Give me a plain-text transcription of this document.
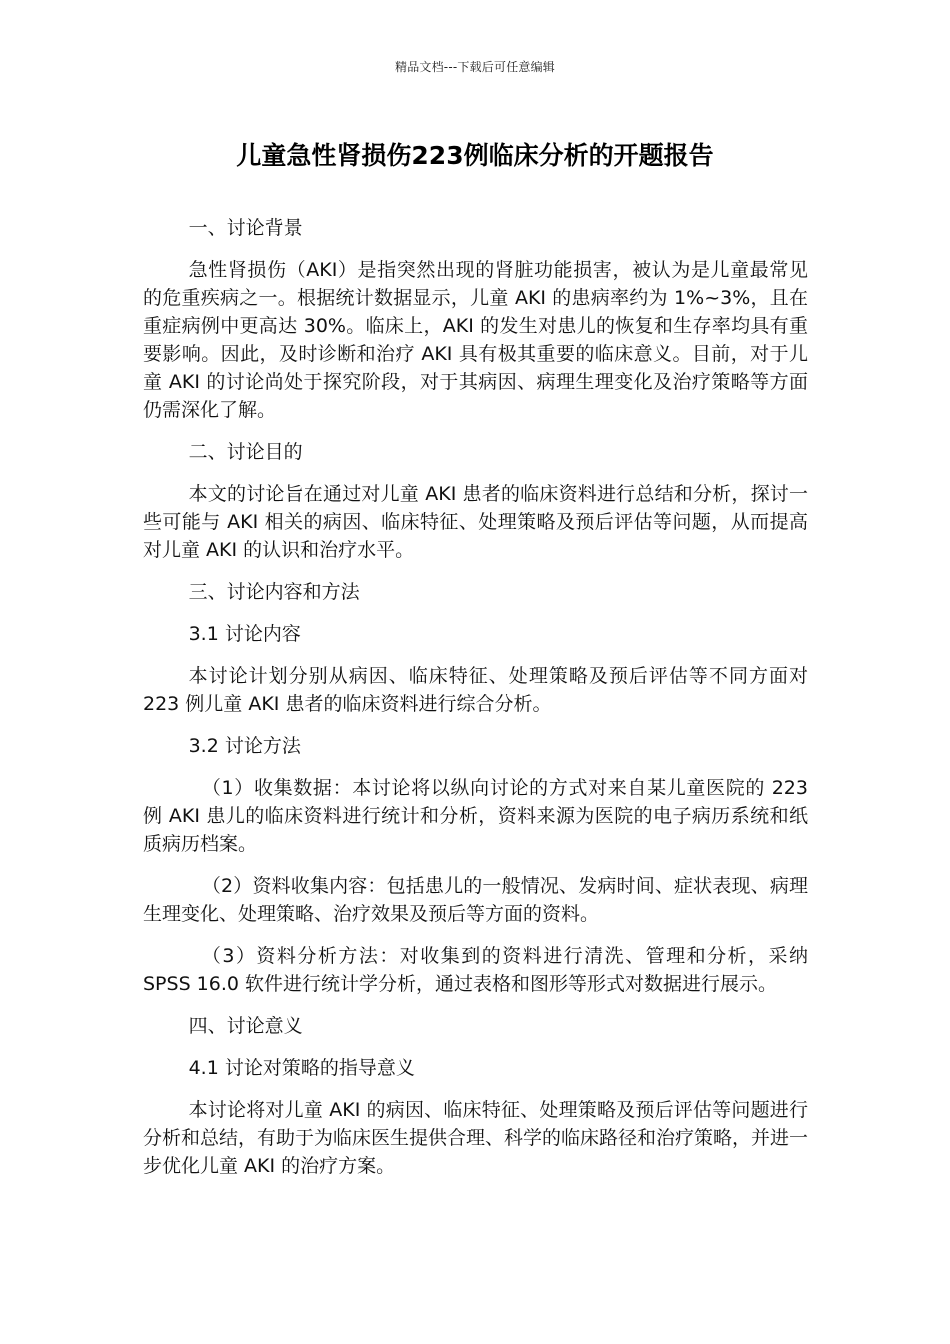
精品文档---下载后可任意编辑
儿童急性肾损伤223例临床分析的开题报告
一、讨论背景
急性肾损伤（AKI）是指突然出现的肾脏功能损害，被认为是儿童最常见的危重疾病之一。根据统计数据显示，儿童 AKI 的患病率约为 1%~3%，且在重症病例中更高达 30%。临床上，AKI 的发生对患儿的恢复和生存率均具有重要影响。因此，及时诊断和治疗 AKI 具有极其重要的临床意义。目前，对于儿童 AKI 的讨论尚处于探究阶段，对于其病因、病理生理变化及治疗策略等方面仍需深化了解。
二、讨论目的
本文的讨论旨在通过对儿童 AKI 患者的临床资料进行总结和分析，探讨一些可能与 AKI 相关的病因、临床特征、处理策略及预后评估等问题，从而提高对儿童 AKI 的认识和治疗水平。
三、讨论内容和方法
3.1 讨论内容
本讨论计划分别从病因、临床特征、处理策略及预后评估等不同方面对 223 例儿童 AKI 患者的临床资料进行综合分析。
3.2 讨论方法
（1）收集数据：本讨论将以纵向讨论的方式对来自某儿童医院的 223 例 AKI 患儿的临床资料进行统计和分析，资料来源为医院的电子病历系统和纸质病历档案。
（2）资料收集内容：包括患儿的一般情况、发病时间、症状表现、病理生理变化、处理策略、治疗效果及预后等方面的资料。
（3）资料分析方法：对收集到的资料进行清洗、管理和分析，采纳 SPSS 16.0 软件进行统计学分析，通过表格和图形等形式对数据进行展示。
四、讨论意义
4.1 讨论对策略的指导意义
本讨论将对儿童 AKI 的病因、临床特征、处理策略及预后评估等问题进行分析和总结，有助于为临床医生提供合理、科学的临床路径和治疗策略，并进一步优化儿童 AKI 的治疗方案。
